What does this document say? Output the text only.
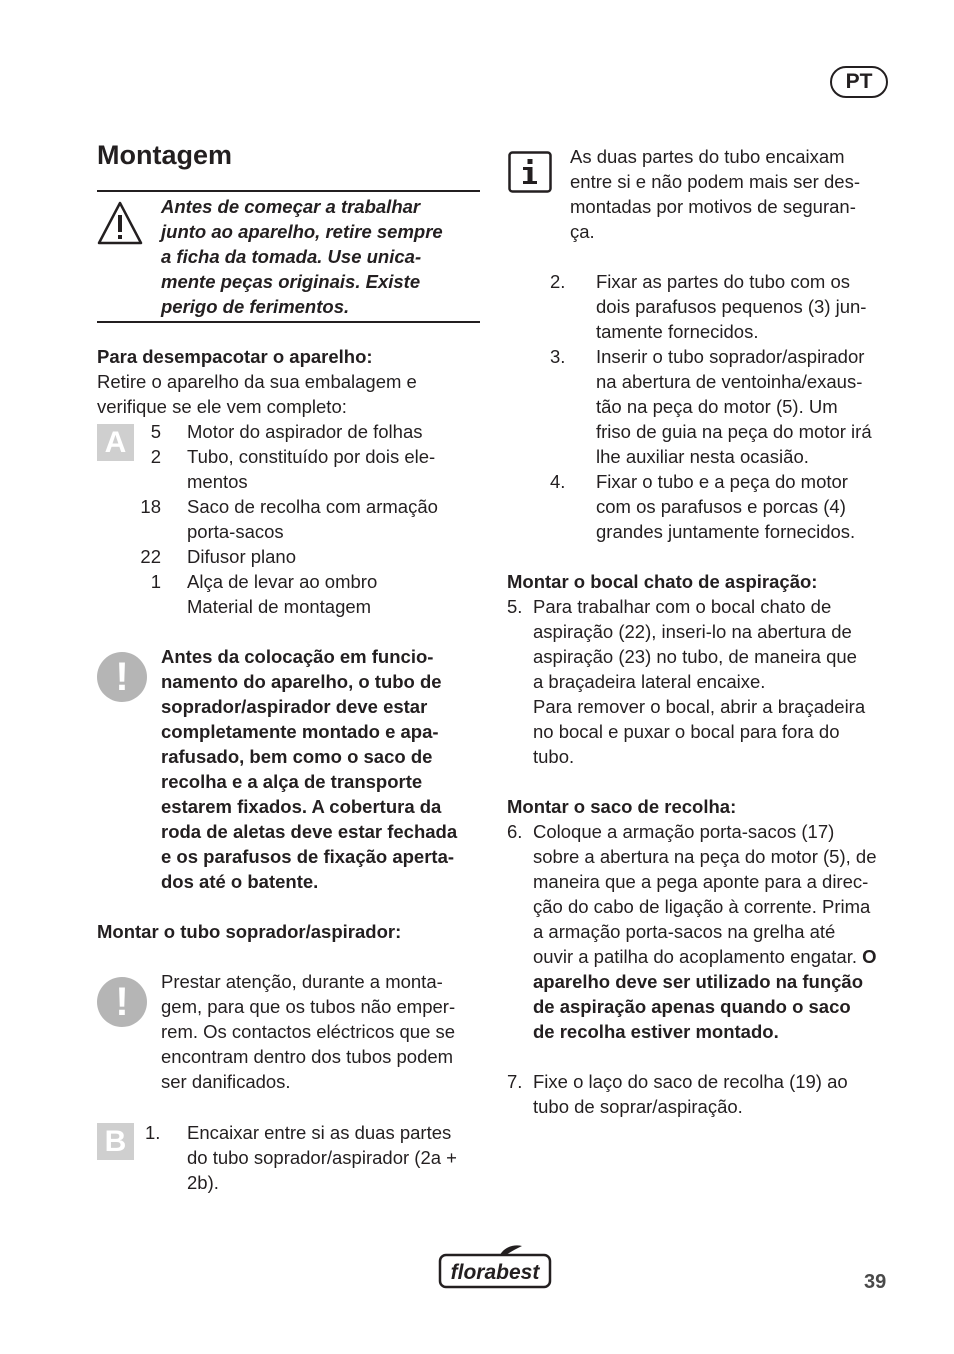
PT
Montagem
Antes de começar a trabalhar
junto ao aparelho, retire sempre
a ficha da tomada. Use unica-
mente peças originais. Existe
perigo de ferimentos.
Para desempacotar o aparelho:
Retire o aparelho da sua embalagem e
verifique se ele vem completo:
A	5 Motor do aspirador de folhas
2 Tubo, constituído por dois ele-
mentos
18 Saco de recolha com armação
porta-sacos
22 Difusor plano
1 Alça de levar ao ombro
Material de montagem
!	Antes da colocação em funcio-
namento do aparelho, o tubo de
soprador/aspirador deve estar
completamente montado e apa-
rafusado, bem como o saco de
recolha e a alça de transporte
estarem fixados. A cobertura da
roda de aletas deve estar fechada
e os parafusos de fixação aperta-
dos até o batente.
Montar o tubo soprador/aspirador:
!	Prestar atenção, durante a monta-
gem, para que os tubos não emper-
rem. Os contactos eléctricos que se
encontram dentro dos tubos podem
ser danificados.
B	1.	Encaixar entre si as duas partes
do tubo soprador/aspirador (2a +
2b).
As duas partes do tubo encaixam
entre si e não podem mais ser des-
montadas por motivos de seguran-
ça.
2.	Fixar as partes do tubo com os
dois parafusos pequenos (3) jun-
tamente fornecidos.
3.	Inserir o tubo soprador/aspirador
na abertura de ventoinha/exaus-
tão na peça do motor (5). Um
friso de guia na peça do motor irá
lhe auxiliar nesta ocasião.
4.	Fixar o tubo e a peça do motor
com os parafusos e porcas (4)
grandes juntamente fornecidos.
Montar o bocal chato de aspiração:
5. Para trabalhar com o bocal chato de
aspiração (22), inseri-lo na abertura de
aspiração (23) no tubo, de maneira que
a braçadeira lateral encaixe.
Para remover o bocal, abrir a braçadeira
no bocal e puxar o bocal para fora do
tubo.
Montar o saco de recolha:
6. Coloque a armação porta-sacos (17)
sobre a abertura na peça do motor (5), de
maneira que a pega aponte para a direc-
ção do cabo de ligação à corrente. Prima
a armação porta-sacos na grelha até
ouvir a patilha do acoplamento engatar. O
aparelho deve ser utilizado na função
de aspiração apenas quando o saco
de recolha estiver montado.
7. Fixe o laço do saco de recolha (19) ao
tubo de soprar/aspiração.
florabest	39
